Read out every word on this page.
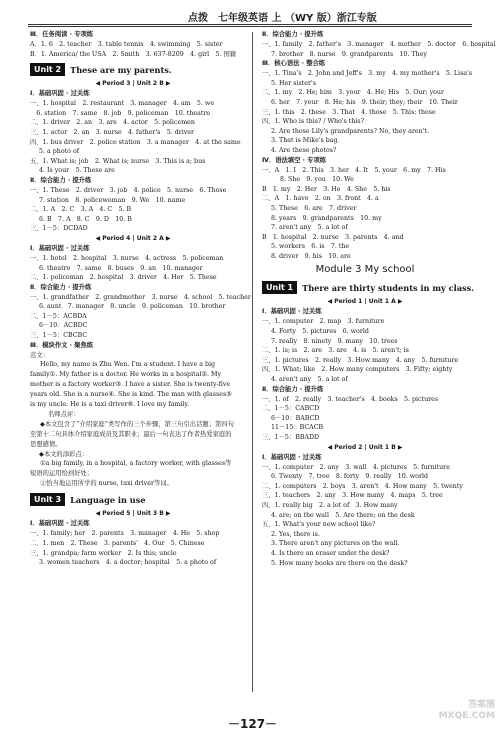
点拨 七年级英语 上 （WY 版）浙江专版
Ⅲ．任务阅读 · 专项练
A．1. 6　2. teacher　3. table tennis　4. swimming　5. sister
B．1. America/ the USA　2. Smith　3. 637-8209　4. girl　5. 国籍
Unit 2	These are my parents.
◀ Period 3 | Unit 2 B ▶
Ⅰ．基础巩固 · 过关练
一、1. hospital　2. restaurant　3. manager　4. am　5. we
　6. station　7. same　8. job　9. policeman　10. theatre
二、1. driver　2. an　3. are　4. actor　5. policemen
三、1. actor　2. an　3. nurse　4. father's　5. driver
四、1. bus driver　2. police station　3. a manager　4. at the same
5. a photo of
五、1. What is; job　2. What is; nurse　3. This is a; bus
4. Is your　5. These are
Ⅱ．综合能力 · 提升练
一、1. These　2. driver　3. job　4. police　5. nurse　6. Those
7. station　8. policewoman　9. We　10. name
二、1. A　2. C　3. A　4. C　5. B
6. B　7. A　8. C　9. D　10. B
三、1－5：DCDAD
◀ Period 4 | Unit 2 A ▶
Ⅰ．基础巩固 · 过关练
一、1. hotel　2. hospital　3. nurse　4. actress　5. policeman
6. theatre　7. same　8. buses　9. an　10. manager
二、1. policeman　2. hospital　3. driver　4. Her　5. These
Ⅱ．综合能力 · 提升练
一、1. grandfather　2. grandmother　3. nurse　4. school　5. teacher
6. aunt　7. manager　8. uncle　9. policeman　10. brother
二、1－5：ACBDA
6－10：ACBDC
三、1－5：CBCBC
Ⅲ．模块作文 · 聚焦练
范文：
Hello, my name is Zhu Wen. I'm a student. I have a big family①. My father is a doctor. He works in a hospital②. My mother is a factory worker③. I have a sister. She is twenty-five years old. She is a nurse④. She is kind. The man with glasses⑤ is my uncle. He is a taxi driver⑥. I love my family.
名师点评：
◆本文包含了“介绍家庭”类写作的三个步骤，第三句引出话题；第四句至第十二句具体介绍家庭成员及其职业；最后一句表达了作者热爱家庭的思想感情。
◆本文的添彩点：
①a big family, in a hospital, a factory worker, with glasses等短语的运用恰到好处；
②恰当地运用所学的 nurse, taxi driver等词。
Unit 3	Language in use
◀ Period 5 | Unit 3 B ▶
Ⅰ．基础巩固 · 过关练
一、1. family; her　2. parents　3. manager　4. He　5. shop
二、1. men　2. These　3. parents'　4. Our　5. Chinese
三、1. grandpa; farm worker　2. Is this; uncle
3. women teachers　4. a doctor; hospital　5. a photo of
Ⅱ．综合能力 · 提升练
一、1. family　2. father's　3. manager　4. mother　5. doctor　6. hospital
7. brother　8. nurse　9. grandparents　10. They
Ⅲ．核心语法 · 整合练
一、1. Tina's　2. John and Jeff's　3. my　4. my mother's　5. Lisa's
5. Her sister's
二、1. my　2. He; him　3. your　4. He; His　5. Our; your
6. her　7. your　8. He; his　9. their; they; their　10. Their
三、1. this　2. these　3. That　4. those　5. This; those
四、1. Who is this? / Who's this?
2. Are those Lily's grandparents? No, they aren't.
3. That is Mike's bag.
4. Are these photos?
Ⅳ．语法填空 · 专项练
一、A　1. I　2. This　3. her　4. It　5. your　6. my　7. His
8. She　9. you　10. We
B　1. my　2. Her　3. He　4. She　5. his
二、A　1. have　2. on　3. front　4. a
5. These　6. are　7. driver
8. years　9. grandparents　10. my
7. aren't any　5. a lot of
B　1. hospital　2. nurse　3. parents　4. and
5. workers　6. is　7. the
8. driver　9. his　10. are
Module 3 My school
Unit 1	There are thirty students in my class.
◀ Period 1 | Unit 1 A ▶
Ⅰ．基础巩固 · 过关练
一、1. computer　2. map　3. furniture
4. Forty　5. pictures　6. world
7. really　8. ninety　9. many　10. trees
二、1. is; is　2. are　3. are　4. is　5. aren't; is
三、1. pictures　2. really　3. How many　4. any　5. furniture
四、1. What; like　2. How many computers　3. Fifty; eighty
4. aren't any　5. a lot of
Ⅱ．综合能力 · 提升练
一、1. of　2. really　3. teacher's　4. books　5. pictures
二、1－5：CABCD
6－10：BABCD
11－15：BCACB
三、1－5：BBADD
◀ Period 2 | Unit 1 B ▶
Ⅰ．基础巩固 · 过关练
一、1. computer　2. any　3. wall　4. pictures　5. furniture
6. Twenty　7. tree　8. forty　9. really　10. world
二、1. computers　2. boys　3. aren't　4. How many　5. twenty
三、1. teachers　2. any　3. How many　4. maps　5. tree
四、1. really big　2. a lot of　3. How many
4. are; on the wall　5. Are there; on the desk
五、1. What's your new school like?
2. Yes, there is.
3. There aren't any pictures on the wall.
4. Is there an eraser under the desk?
5. How many books are there on the desk?
－127－
答案圈 MXQE.COM
